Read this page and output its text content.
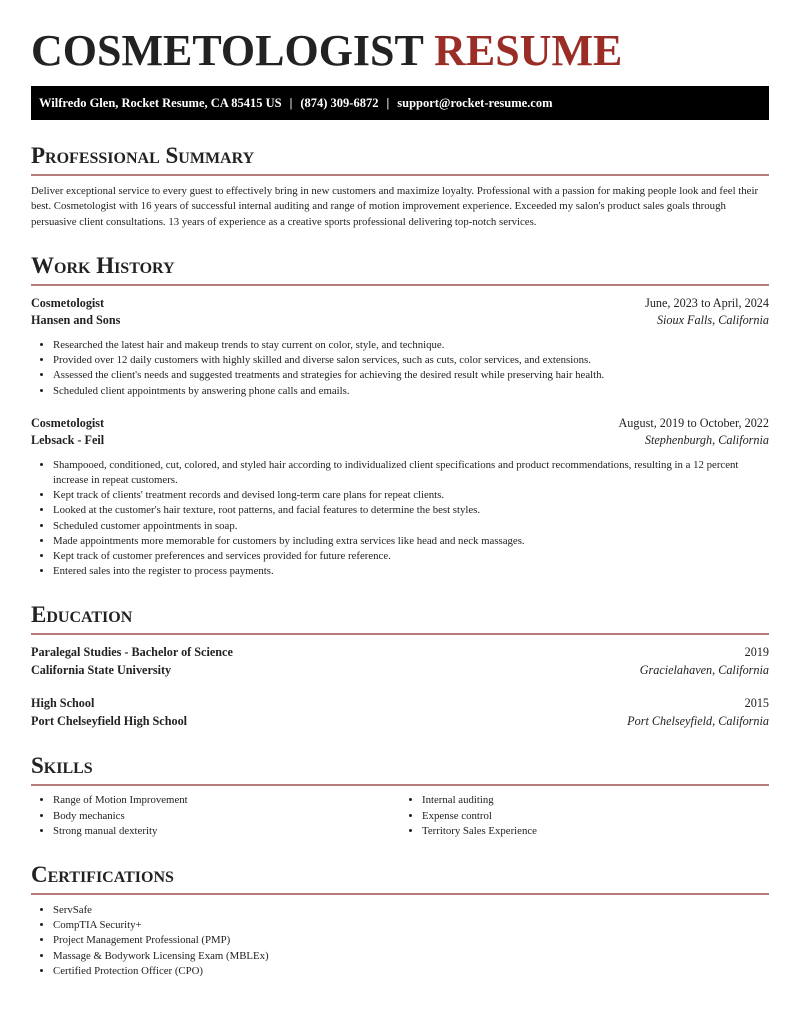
COSMETOLOGIST RESUME
Wilfredo Glen, Rocket Resume, CA 85415 US | (874) 309-6872 | support@rocket-resume.com
Professional Summary

Deliver exceptional service to every guest to effectively bring in new customers and maximize loyalty. Professional with a passion for making people look and feel their best. Cosmetologist with 16 years of successful internal auditing and range of motion improvement experience. Exceeded my salon's product sales goals through persuasive client consultations. 13 years of experience as a creative sports professional delivering top-notch services.

Work History
Cosmetologist	June, 2023 to April, 2024
Hansen and Sons	Sioux Falls, California
• Researched the latest hair and makeup trends to stay current on color, style, and technique.
• Provided over 12 daily customers with highly skilled and diverse salon services, such as cuts, color services, and extensions.
• Assessed the client's needs and suggested treatments and strategies for achieving the desired result while preserving hair health.
• Scheduled client appointments by answering phone calls and emails.
Cosmetologist	August, 2019 to October, 2022
Lebsack - Feil	Stephenburgh, California
• Shampooed, conditioned, cut, colored, and styled hair according to individualized client specifications and product recommendations, resulting in a 12 percent increase in repeat customers.
• Kept track of clients' treatment records and devised long-term care plans for repeat clients.
• Looked at the customer's hair texture, root patterns, and facial features to determine the best styles.
• Scheduled customer appointments in soap.
• Made appointments more memorable for customers by including extra services like head and neck massages.
• Kept track of customer preferences and services provided for future reference.
• Entered sales into the register to process payments.
Education
Paralegal Studies - Bachelor of Science	2019
California State University	Gracielahaven, California
High School	2015
Port Chelseyfield High School	Port Chelseyfield, California
Skills
• Range of Motion Improvement
• Body mechanics
• Strong manual dexterity
• Internal auditing
• Expense control
• Territory Sales Experience
Certifications
• ServSafe
• CompTIA Security+
• Project Management Professional (PMP)
• Massage & Bodywork Licensing Exam (MBLEx)
• Certified Protection Officer (CPO)
